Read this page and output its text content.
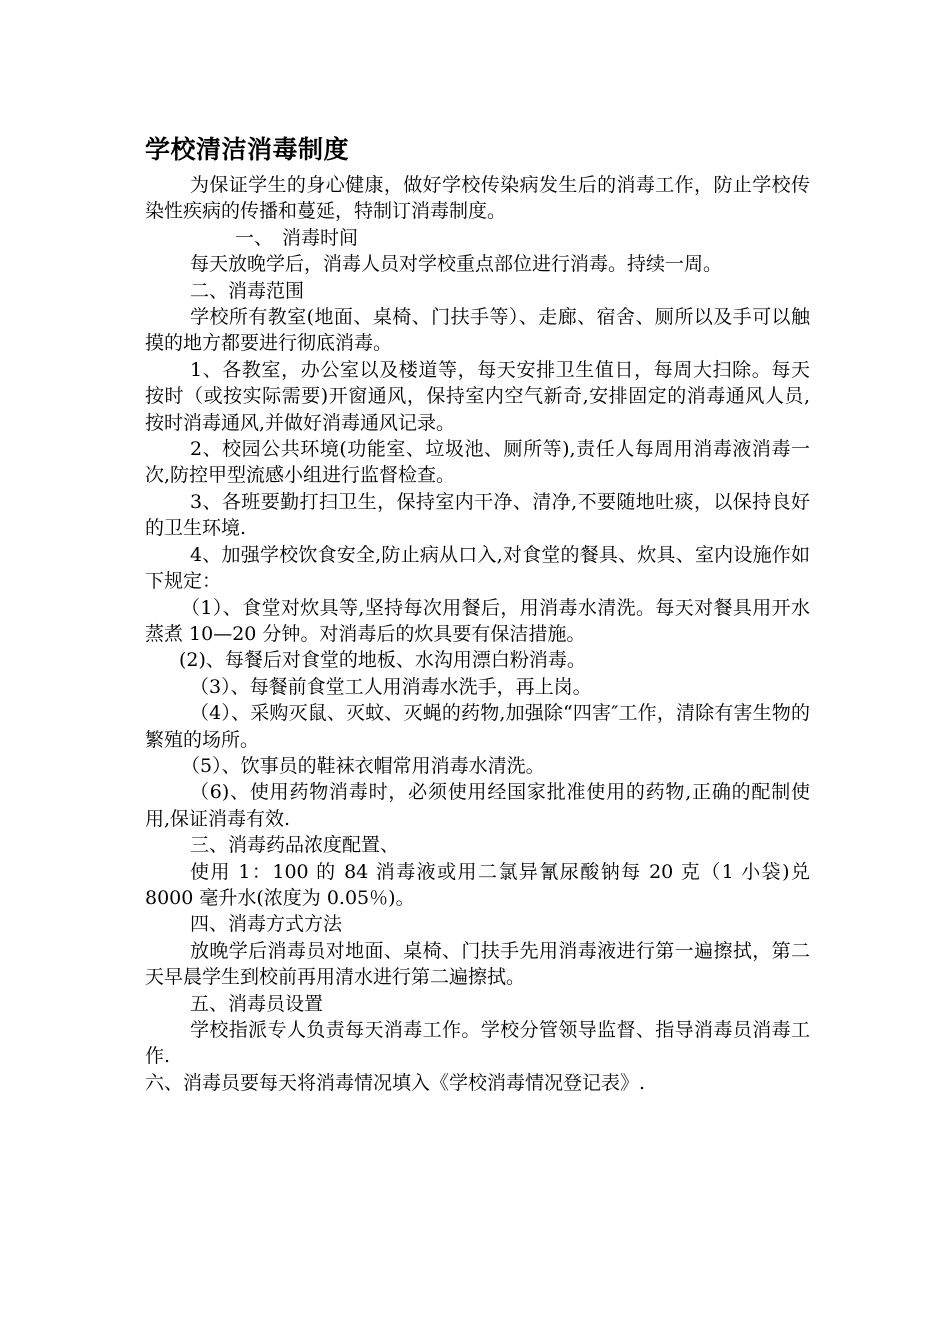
学校清洁消毒制度

为保证学生的身心健康，做好学校传染病发生后的消毒工作，防止学校传染性疾病的传播和蔓延，特制订消毒制度。

一、 消毒时间

每天放晚学后，消毒人员对学校重点部位进行消毒。持续一周。

二、消毒范围

学校所有教室(地面、桌椅、门扶手等）、走廊、宿舍、厕所以及手可以触摸的地方都要进行彻底消毒。

1、各教室，办公室以及楼道等，每天安排卫生值日，每周大扫除。每天按时（或按实际需要)开窗通风，保持室内空气新奇,安排固定的消毒通风人员,按时消毒通风,并做好消毒通风记录。

2、校园公共环境(功能室、垃圾池、厕所等),责任人每周用消毒液消毒一次,防控甲型流感小组进行监督检查。

3、各班要勤打扫卫生，保持室内干净、清净,不要随地吐痰，以保持良好的卫生环境.

4、加强学校饮食安全,防止病从口入,对食堂的餐具、炊具、室内设施作如下规定：

（1）、食堂对炊具等,坚持每次用餐后，用消毒水清洗。每天对餐具用开水蒸煮 10—20 分钟。对消毒后的炊具要有保洁措施。

(2)、每餐后对食堂的地板、水沟用漂白粉消毒。

（3）、每餐前食堂工人用消毒水洗手，再上岗。

（4）、采购灭鼠、灭蚊、灭蝇的药物,加强除“四害″工作，清除有害生物的繁殖的场所。

（5）、饮事员的鞋袜衣帽常用消毒水清洗。

（6)、使用药物消毒时，必须使用经国家批准使用的药物,正确的配制使用,保证消毒有效.

三、消毒药品浓度配置、

使用 1：100 的 84 消毒液或用二氯异氰尿酸钠每 20 克（1 小袋)兑 8000 毫升水(浓度为 0.05％)。

四、消毒方式方法

放晚学后消毒员对地面、桌椅、门扶手先用消毒液进行第一遍擦拭，第二天早晨学生到校前再用清水进行第二遍擦拭。

五、消毒员设置

学校指派专人负责每天消毒工作。学校分管领导监督、指导消毒员消毒工作.

六、消毒员要每天将消毒情况填入《学校消毒情况登记表》.
